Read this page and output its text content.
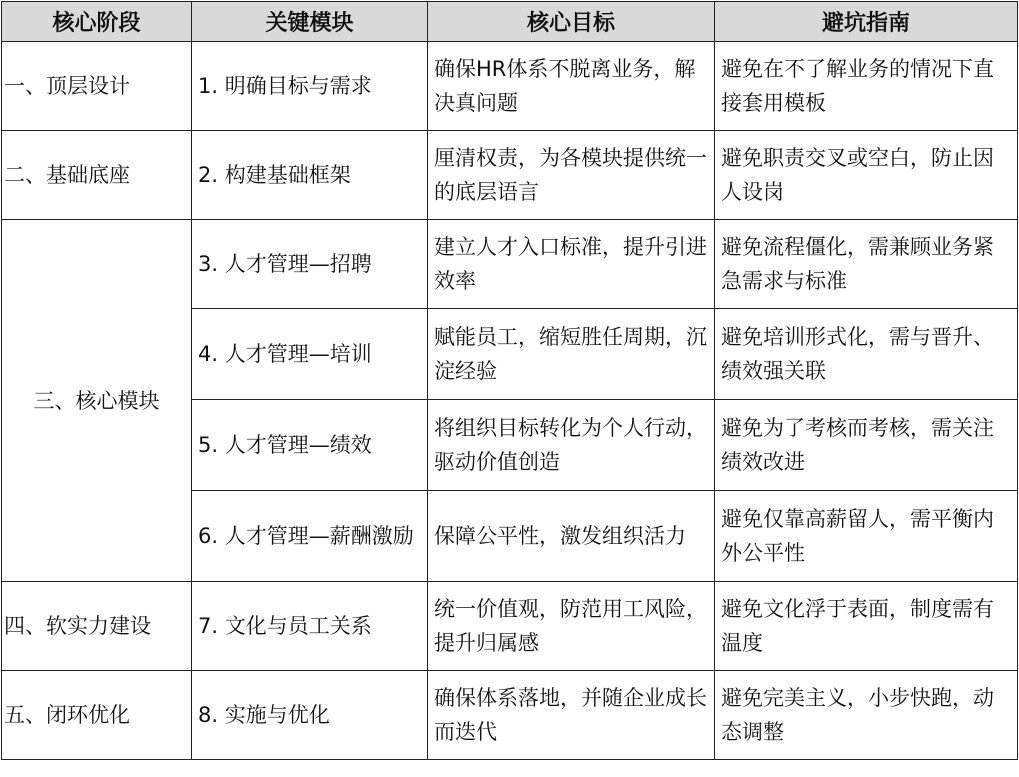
核心阶段	关键模块	核心目标	避坑指南
一、顶层设计	1. 明确目标与需求	确保HR体系不脱离业务，解决真问题	避免在不了解业务的情况下直接套用模板
二、基础底座	2. 构建基础框架	厘清权责，为各模块提供统一的底层语言	避免职责交叉或空白，防止因人设岗
三、核心模块	3. 人才管理—招聘	建立人才入口标准，提升引进效率	避免流程僵化，需兼顾业务紧急需求与标准
	4. 人才管理—培训	赋能员工，缩短胜任周期，沉淀经验	避免培训形式化，需与晋升、绩效强关联
	5. 人才管理—绩效	将组织目标转化为个人行动，驱动价值创造	避免为了考核而考核，需关注绩效改进
	6. 人才管理—薪酬激励	保障公平性，激发组织活力	避免仅靠高薪留人，需平衡内外公平性
四、软实力建设	7. 文化与员工关系	统一价值观，防范用工风险，提升归属感	避免文化浮于表面，制度需有温度
五、闭环优化	8. 实施与优化	确保体系落地，并随企业成长而迭代	避免完美主义，小步快跑，动态调整
